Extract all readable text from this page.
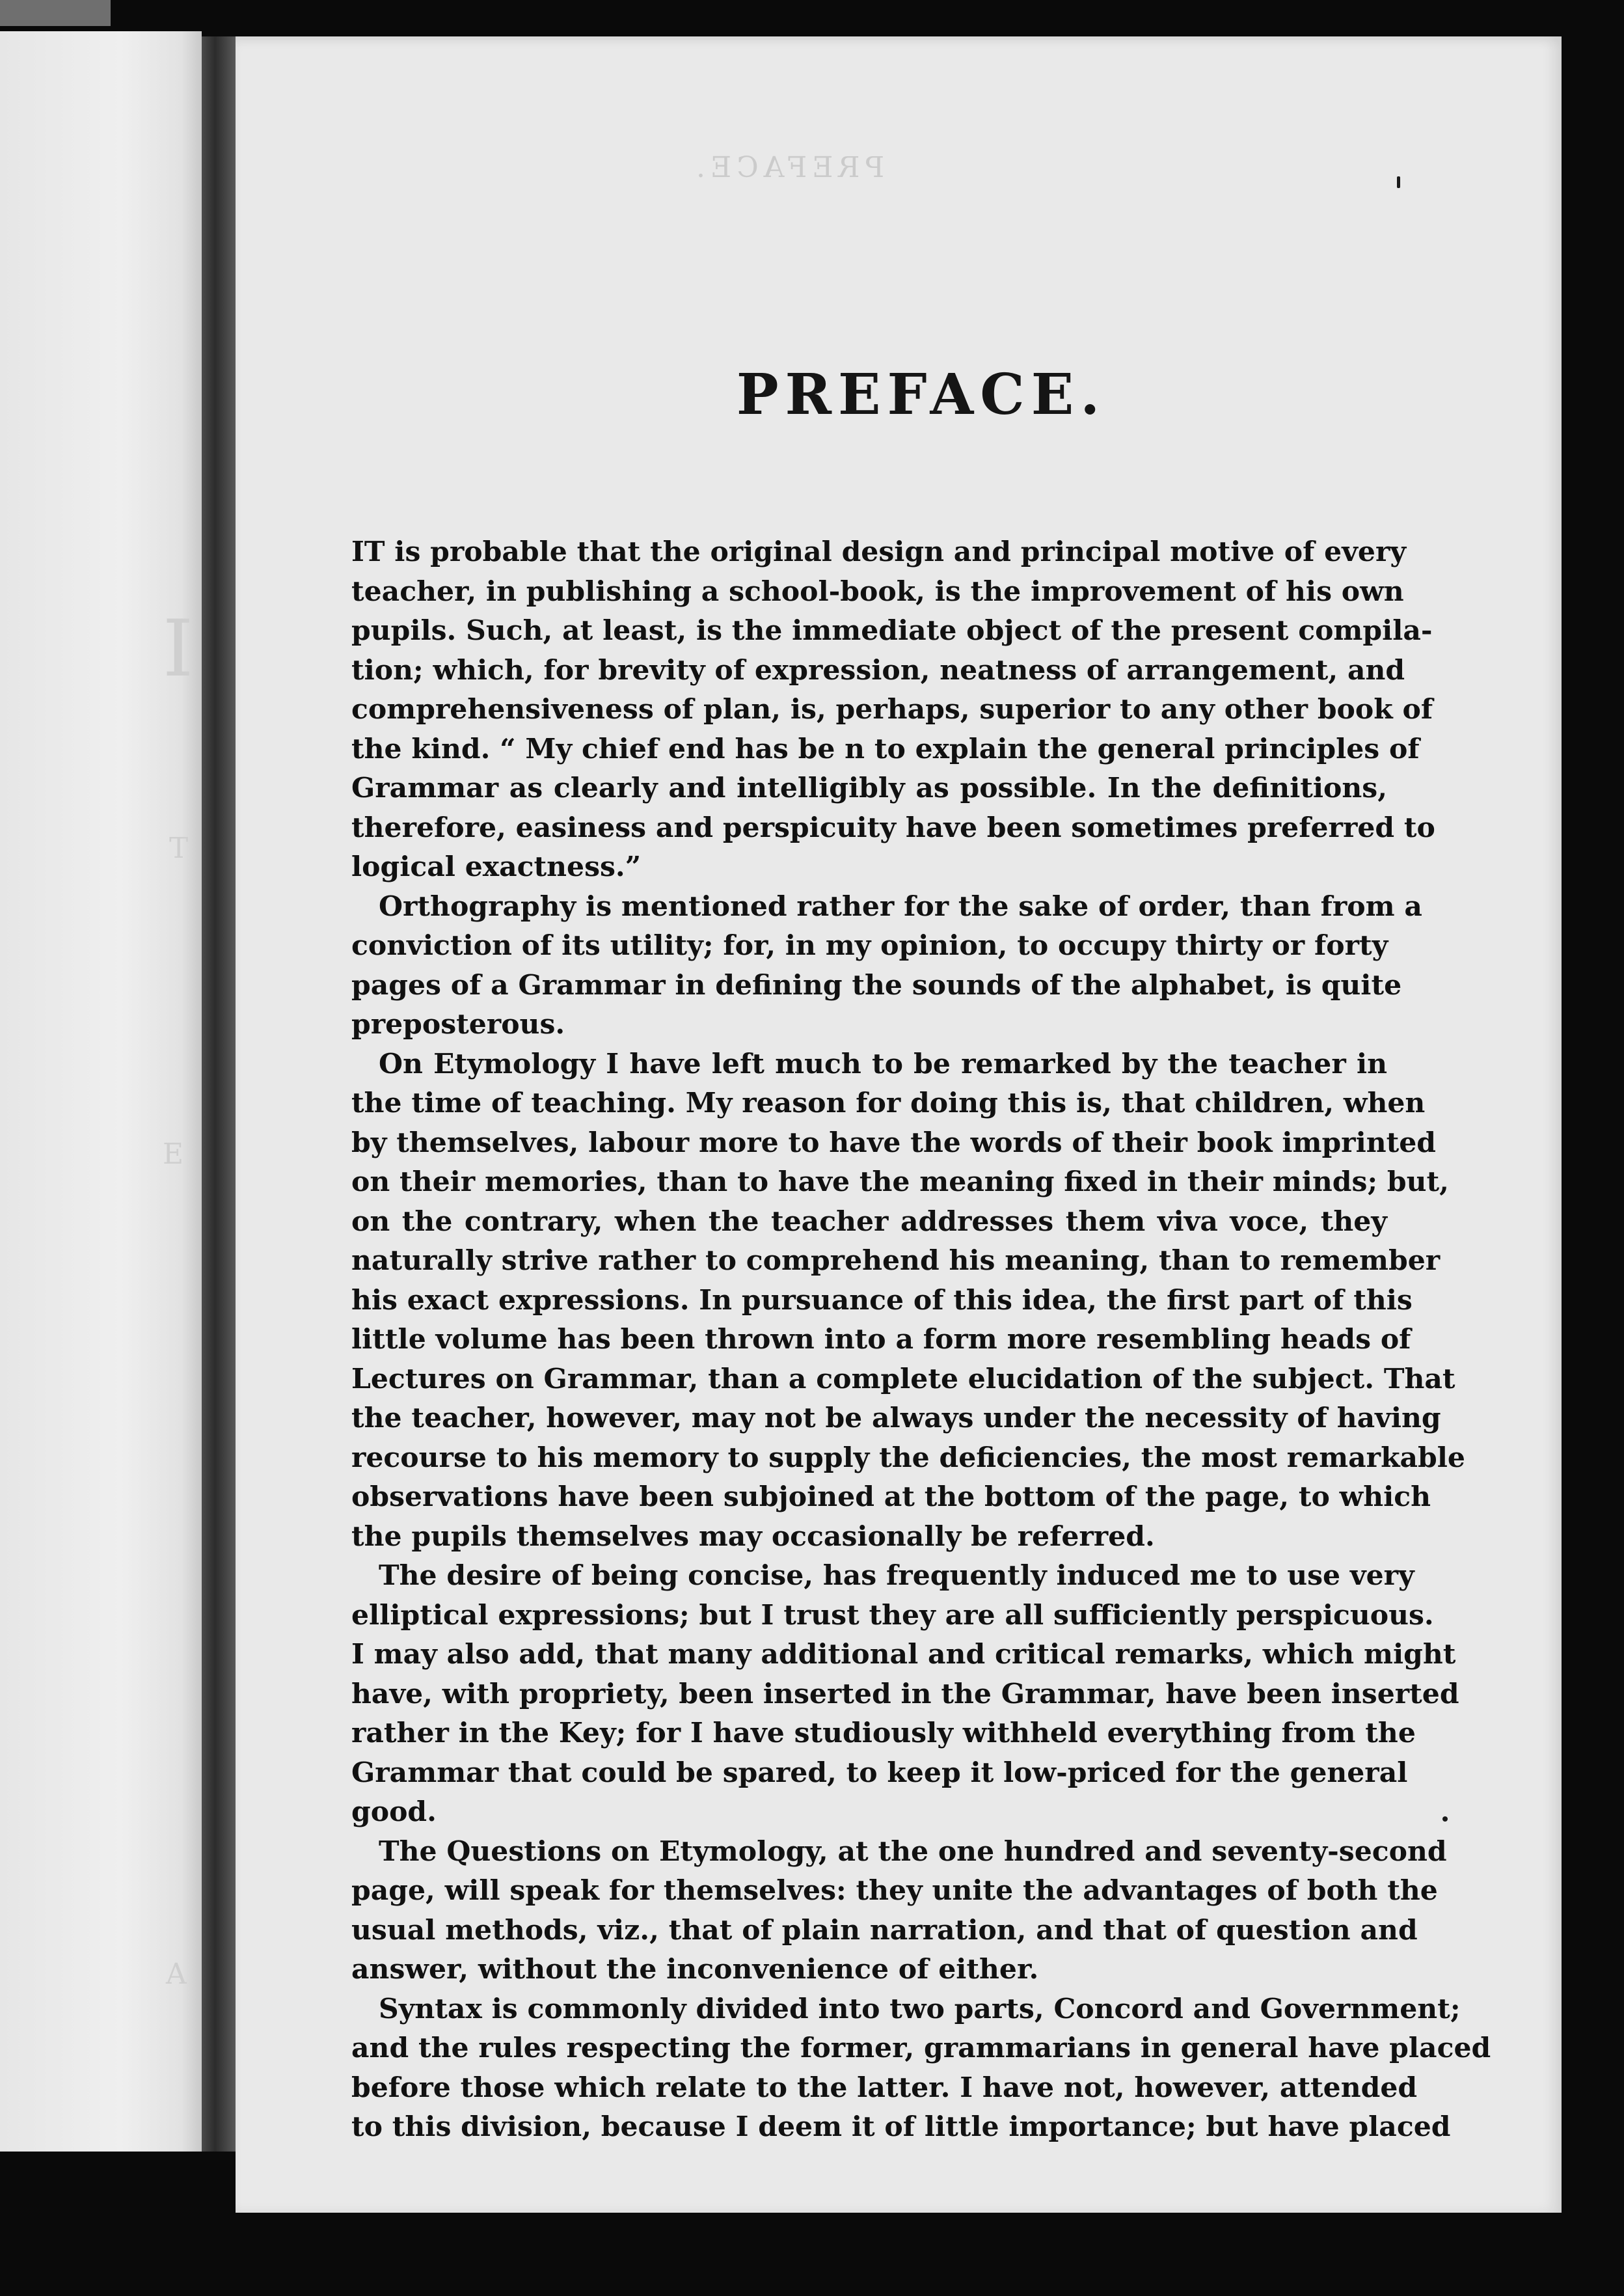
I
T
E
A
PREFACE.
PREFACE.
IT is probable that the original design and principal motive of every
teacher, in publishing a school-book, is the improvement of his own
pupils. Such, at least, is the immediate object of the present compila-
tion; which, for brevity of expression, neatness of arrangement, and
comprehensiveness of plan, is, perhaps, superior to any other book of
the kind. “ My chief end has be n to explain the general principles of
Grammar as clearly and intelligibly as possible. In the definitions,
therefore, easiness and perspicuity have been sometimes preferred to
logical exactness.”
Orthography is mentioned rather for the sake of order, than from a
conviction of its utility; for, in my opinion, to occupy thirty or forty
pages of a Grammar in defining the sounds of the alphabet, is quite
preposterous.
On Etymology I have left much to be remarked by the teacher in
the time of teaching. My reason for doing this is, that children, when
by themselves, labour more to have the words of their book imprinted
on their memories, than to have the meaning fixed in their minds; but,
on the contrary, when the teacher addresses them viva voce, they
naturally strive rather to comprehend his meaning, than to remember
his exact expressions. In pursuance of this idea, the first part of this
little volume has been thrown into a form more resembling heads of
Lectures on Grammar, than a complete elucidation of the subject. That
the teacher, however, may not be always under the necessity of having
recourse to his memory to supply the deficiencies, the most remarkable
observations have been subjoined at the bottom of the page, to which
the pupils themselves may occasionally be referred.
The desire of being concise, has frequently induced me to use very
elliptical expressions; but I trust they are all sufficiently perspicuous.
I may also add, that many additional and critical remarks, which might
have, with propriety, been inserted in the Grammar, have been inserted
rather in the Key; for I have studiously withheld everything from the
Grammar that could be spared, to keep it low-priced for the general
good.
The Questions on Etymology, at the one hundred and seventy-second
page, will speak for themselves: they unite the advantages of both the
usual methods, viz., that of plain narration, and that of question and
answer, without the inconvenience of either.
Syntax is commonly divided into two parts, Concord and Government;
and the rules respecting the former, grammarians in general have placed
before those which relate to the latter. I have not, however, attended
to this division, because I deem it of little importance; but have placed
